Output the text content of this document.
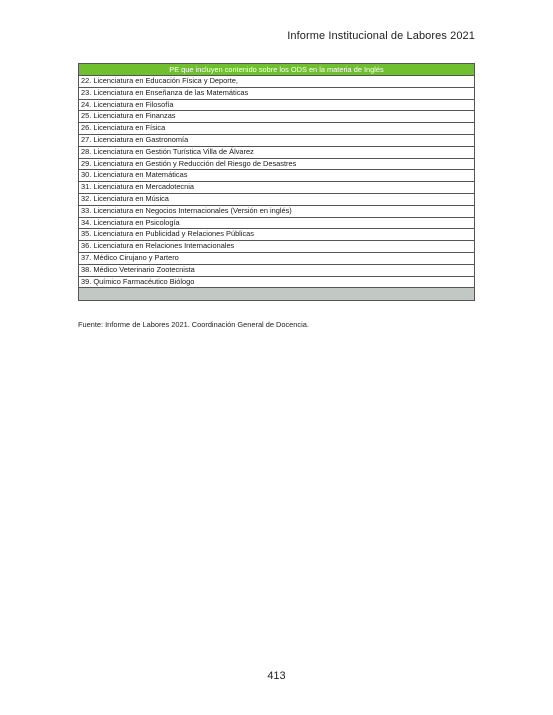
Informe Institucional de Labores 2021
PE que incluyen contenido sobre los ODS en la materia de Inglés
22. Licenciatura en Educación Física y Deporte,
23. Licenciatura en Enseñanza de las Matemáticas
24. Licenciatura en Filosofía
25. Licenciatura en Finanzas
26. Licenciatura en Física
27. Licenciatura en Gastronomía
28. Licenciatura en Gestión Turística Villa de Álvarez
29. Licenciatura en Gestión y Reducción del Riesgo de Desastres
30. Licenciatura en Matemáticas
31. Licenciatura en Mercadotecnia
32. Licenciatura en Música
33. Licenciatura en Negocios Internacionales (Versión en inglés)
34. Licenciatura en Psicología
35. Licenciatura en Publicidad y Relaciones Públicas
36. Licenciatura en Relaciones Internacionales
37. Médico Cirujano y Partero
38. Médico Veterinario Zootecnista
39. Químico Farmacéutico Biólogo

Fuente: Informe de Labores 2021. Coordinación General de Docencia.
413
